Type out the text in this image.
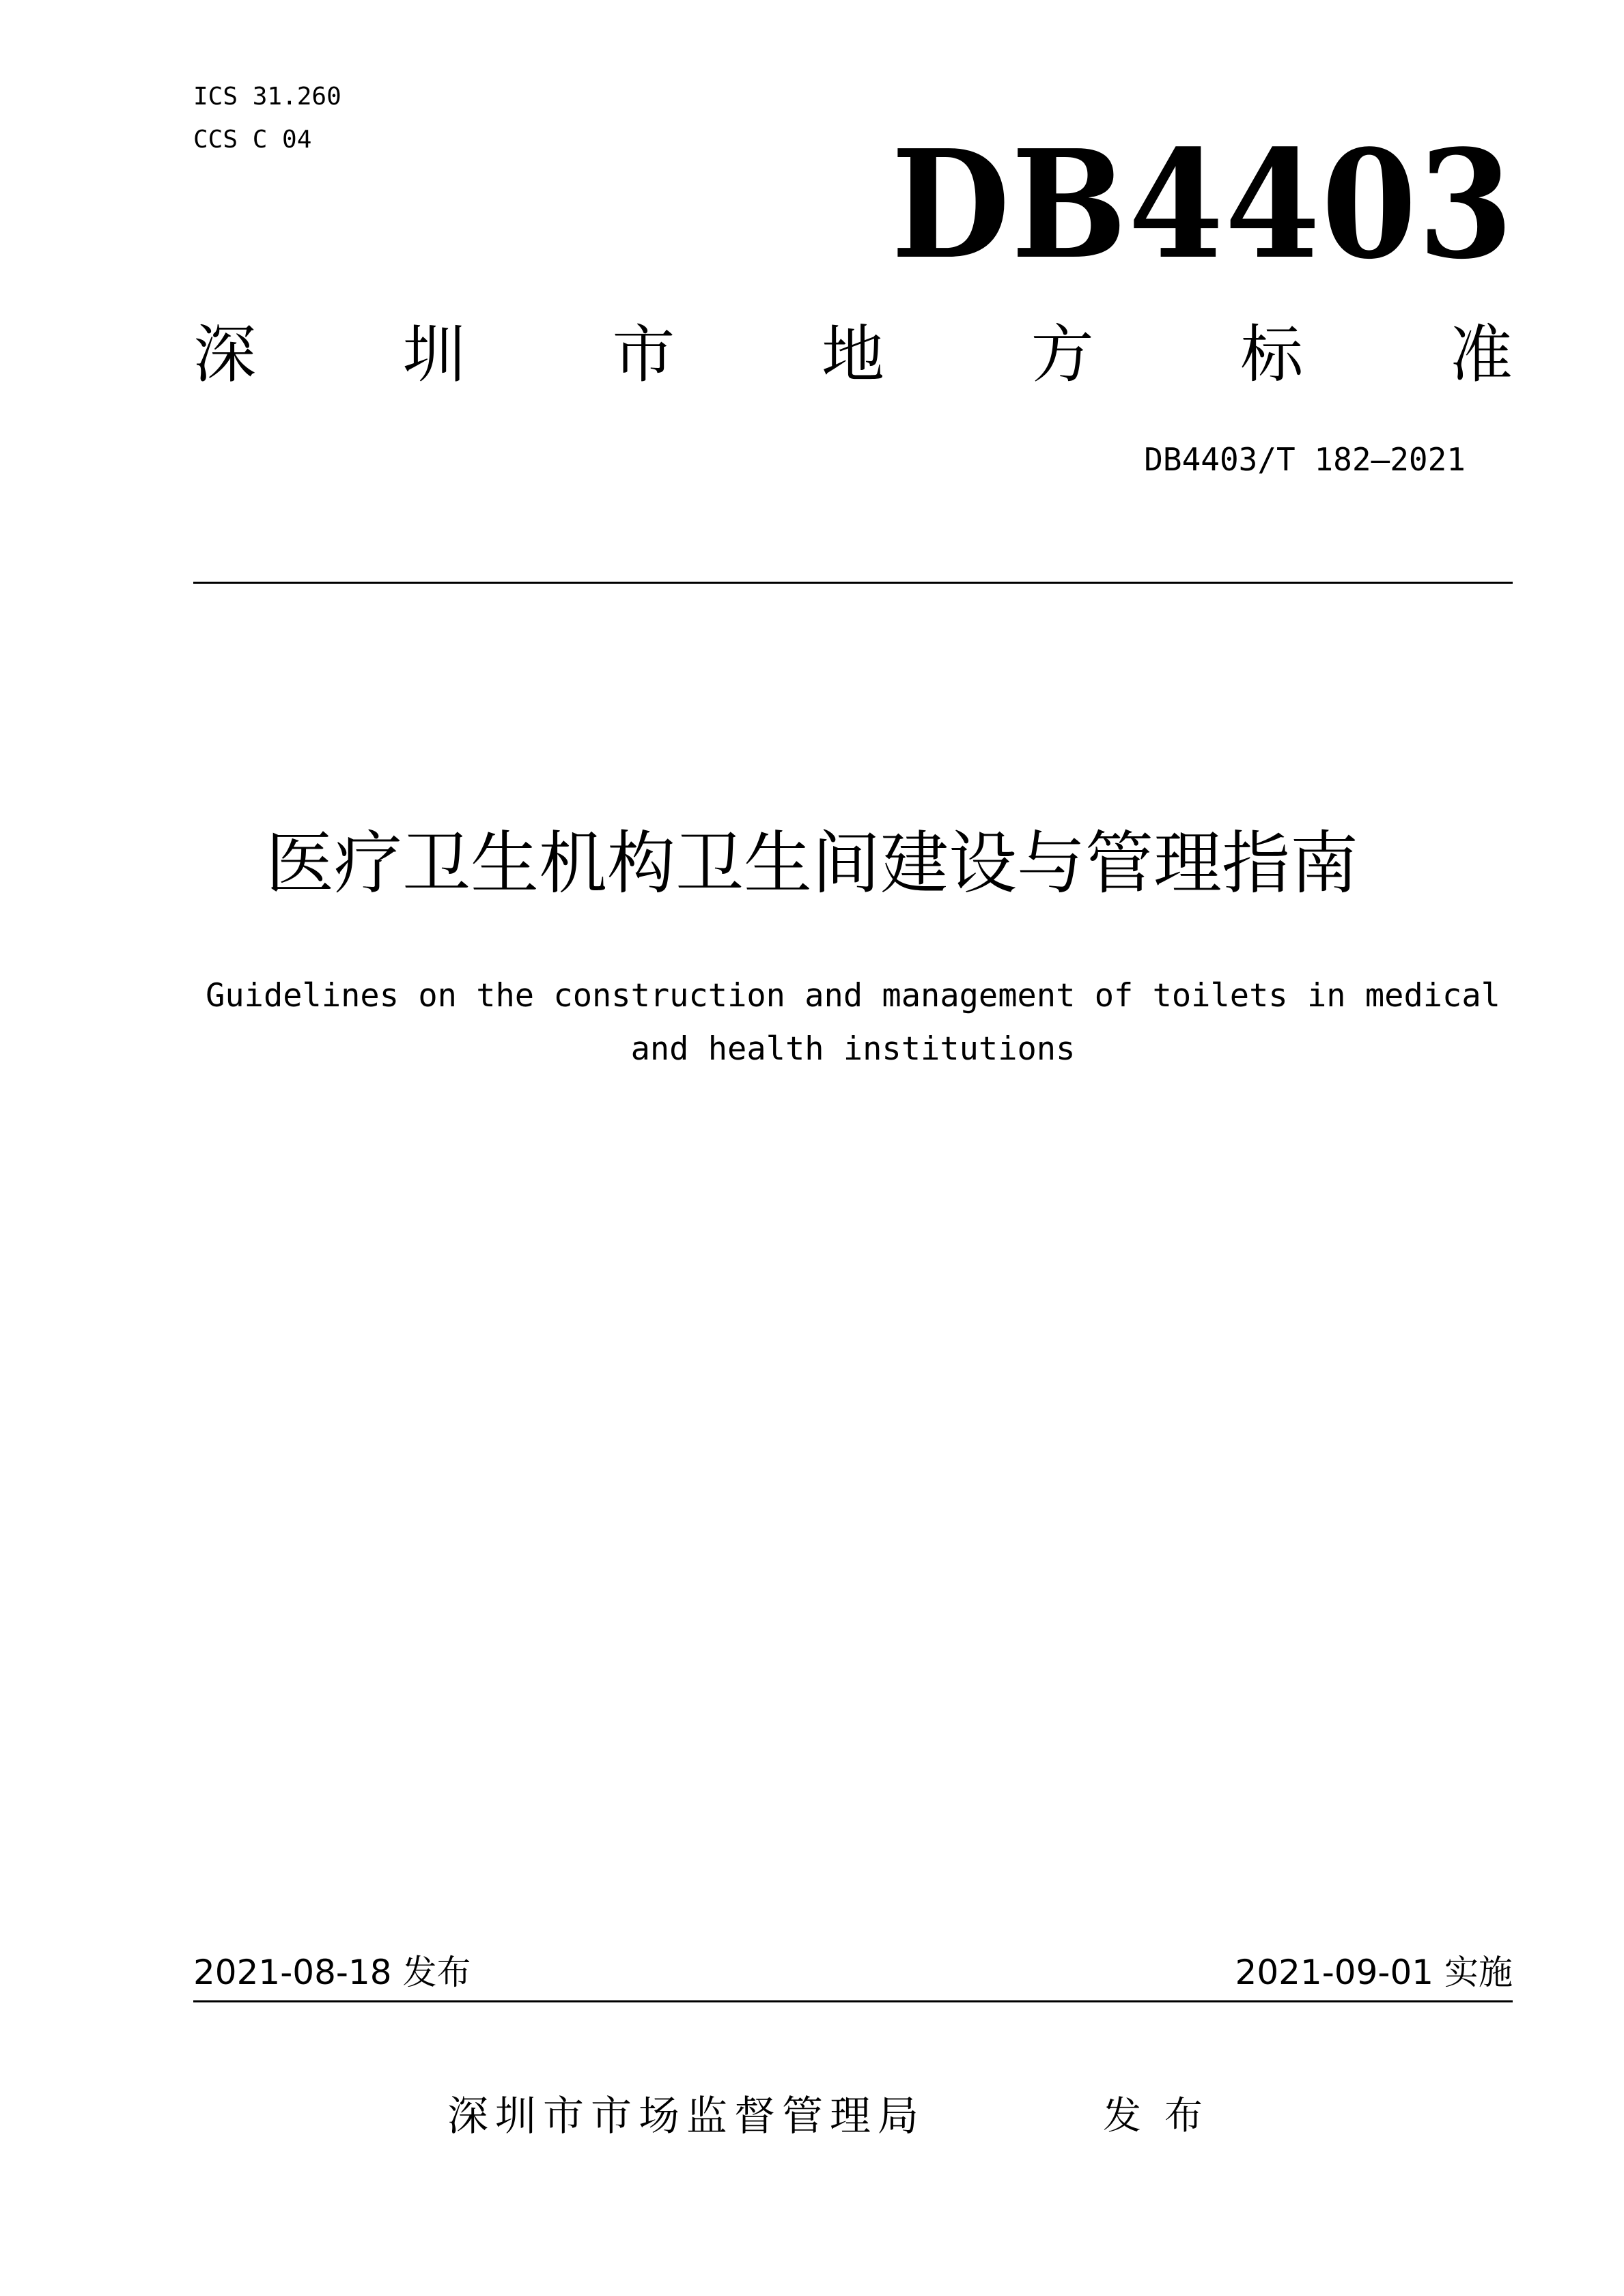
ICS 31.260
CCS C 04	DB4403
深 圳 市 地 方 标 准
DB4403/T 182—2021
医疗卫生机构卫生间建设与管理指南
Guidelines on the construction and management of toilets in medical and health institutions
2021-08-18 发布	2021-09-01 实施
深圳市市场监督管理局	发布
